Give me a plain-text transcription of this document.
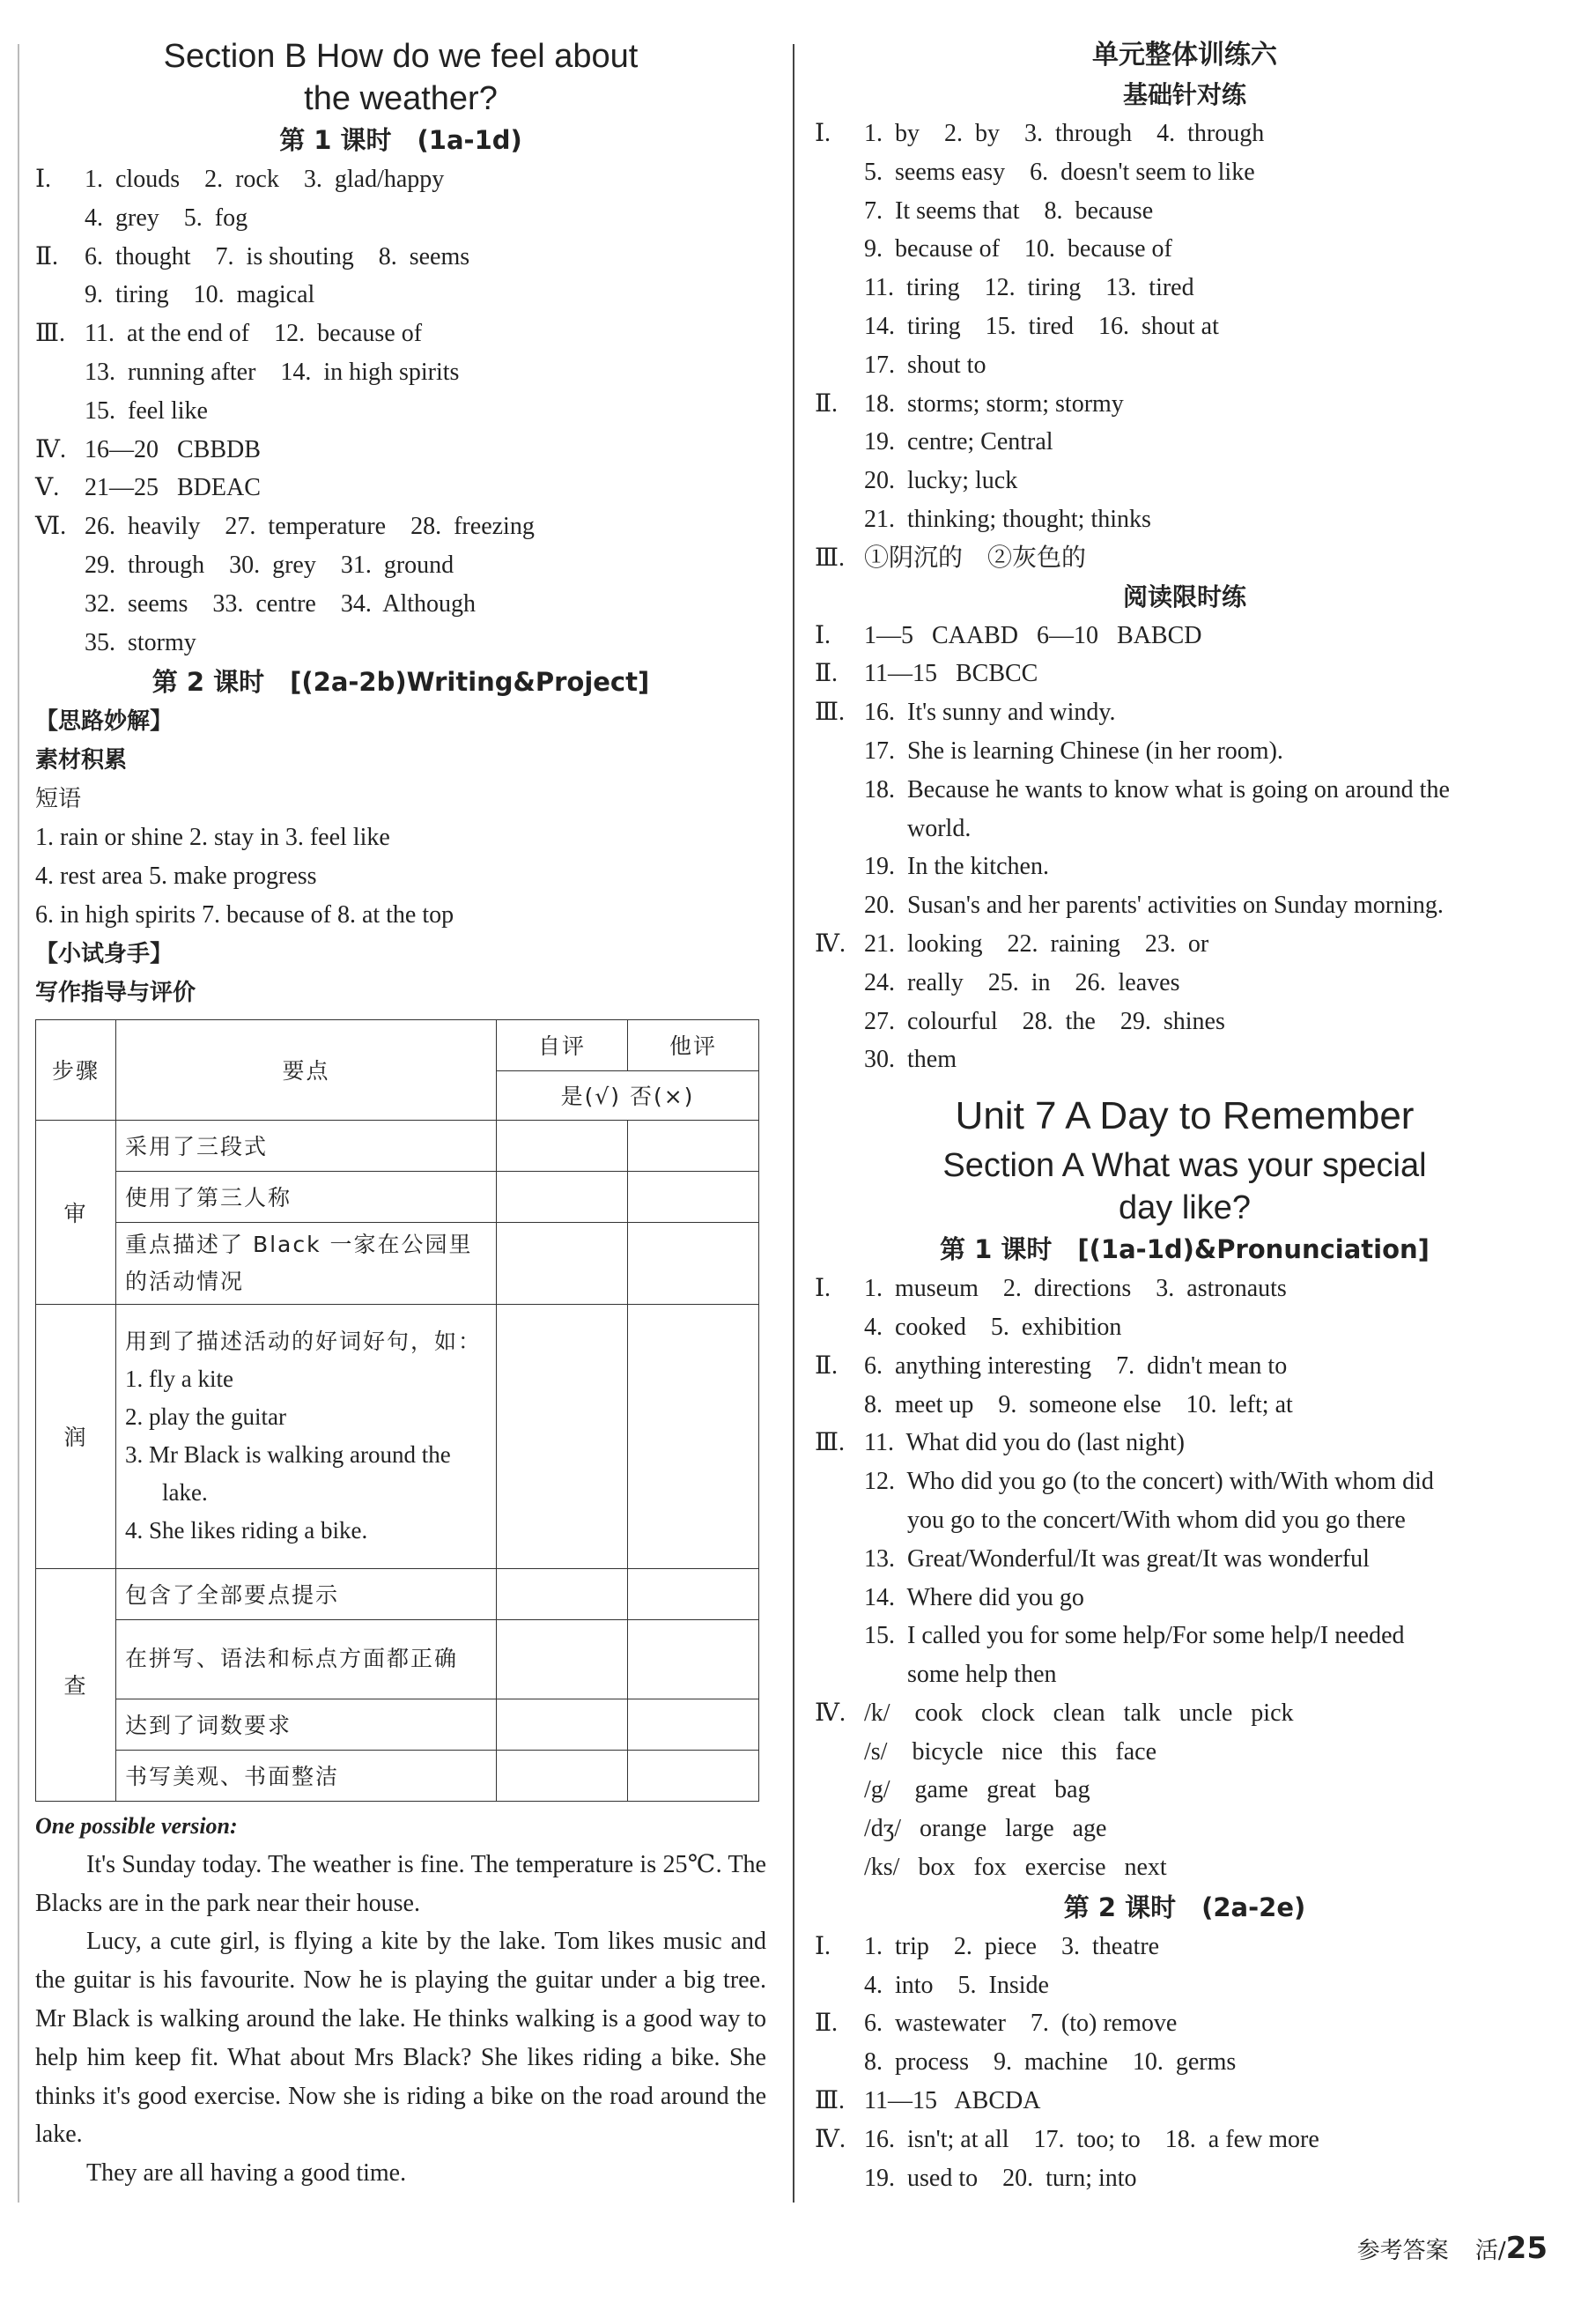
Section B How do we feel about
the weather?
第 1 课时　(1a-1d)
Ⅰ. 1.  clouds    2.  rock    3.  glad/happy
4.  grey    5.  fog
Ⅱ. 6.  thought    7.  is shouting    8.  seems
9.  tiring    10.  magical
Ⅲ. 11.  at the end of    12.  because of
13.  running after    14.  in high spirits
15.  feel like
Ⅳ. 16—20   CBBDB
Ⅴ. 21—25   BDEAC
Ⅵ. 26.  heavily    27.  temperature    28.  freezing
29.  through    30.  grey    31.  ground
32.  seems    33.  centre    34.  Although
35.  stormy
第 2 课时　[(2a-2b)Writing&Project]
【思路妙解】
素材积累
短语
1. rain or shine 2. stay in 3. feel like
4. rest area 5. make progress
6. in high spirits 7. because of 8. at the top
【小试身手】
写作指导与评价
步骤	要点	自评	他评
		是(√) 否(×)	
审	采用了三段式		
	使用了第三人称		
	重点描述了 Black 一家在公园里的活动情况		
润	用到了描述活动的好词好句，如：
1. fly a kite
2. play the guitar
3. Mr Black is walking around the lake.
4. She likes riding a bike.		

查	包含了全部要点提示		
	在拼写、语法和标点方面都正确		
	达到了词数要求		
	书写美观、书面整洁		
One possible version:

It's Sunday today. The weather is fine. The temperature is 25℃. The Blacks are in the park near their house.

Lucy, a cute girl, is flying a kite by the lake. Tom likes music and the guitar is his favourite. Now he is playing the guitar under a big tree. Mr Black is walking around the lake. He thinks walking is a good way to help him keep fit. What about Mrs Black? She likes riding a bike. She thinks it's good exercise. Now she is riding a bike on the road around the lake.

They are all having a good time.

单元整体训练六
基础针对练
Ⅰ. 1.  by    2.  by    3.  through    4.  through
5.  seems easy    6.  doesn't seem to like
7.  It seems that    8.  because
9.  because of    10.  because of
11.  tiring    12.  tiring    13.  tired
14.  tiring    15.  tired    16.  shout at
17.  shout to
Ⅱ. 18.  storms; storm; stormy
19.  centre; Central
20.  lucky; luck
21.  thinking; thought; thinks
Ⅲ. ①阴沉的    ②灰色的
阅读限时练
Ⅰ. 1—5   CAABD   6—10   BABCD
Ⅱ. 11—15   BCBCC
Ⅲ. 16.  It's sunny and windy.
17.  She is learning Chinese (in her room).
18.  Because he wants to know what is going on around the
world.
19.  In the kitchen.
20.  Susan's and her parents' activities on Sunday morning.
Ⅳ. 21.  looking    22.  raining    23.  or
24.  really    25.  in    26.  leaves
27.  colourful    28.  the    29.  shines
30.  them
Unit 7 A Day to Remember
Section A What was your special
day like?
第 1 课时　[(1a-1d)&Pronunciation]
Ⅰ. 1.  museum    2.  directions    3.  astronauts
4.  cooked    5.  exhibition
Ⅱ. 6.  anything interesting    7.  didn't mean to
8.  meet up    9.  someone else    10.  left; at
Ⅲ. 11.  What did you do (last night)
12.  Who did you go (to the concert) with/With whom did
you go to the concert/With whom did you go there
13.  Great/Wonderful/It was great/It was wonderful
14.  Where did you go
15.  I called you for some help/For some help/I needed
some help then
Ⅳ. /k/    cook   clock   clean   talk   uncle   pick
/s/    bicycle   nice   this   face
/g/    game   great   bag
/dʒ/   orange   large   age
/ks/   box   fox   exercise   next
第 2 课时　(2a-2e)
Ⅰ. 1.  trip    2.  piece    3.  theatre
4.  into    5.  Inside
Ⅱ. 6.  wastewater    7.  (to) remove
8.  process    9.  machine    10.  germs
Ⅲ. 11—15   ABCDA
Ⅳ. 16.  isn't; at all    17.  too; to    18.  a few more
19.  used to    20.  turn; into
参考答案 活/25
